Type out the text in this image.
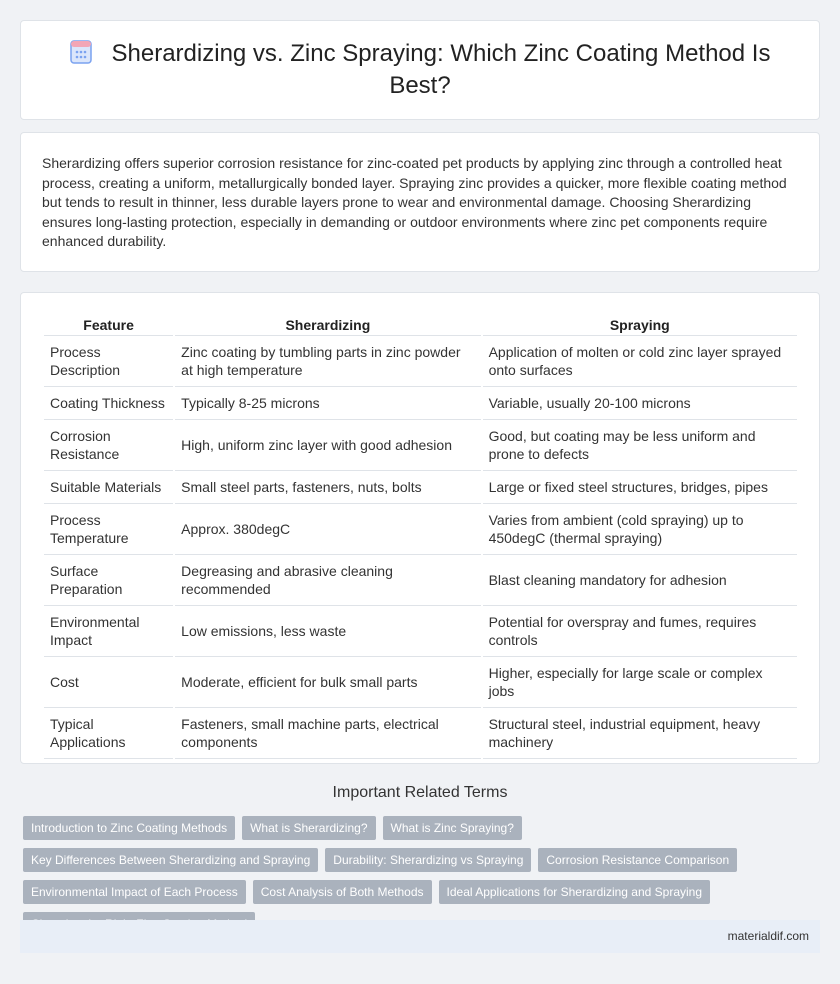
Sherardizing vs. Zinc Spraying: Which Zinc Coating Method Is Best?

Sherardizing offers superior corrosion resistance for zinc-coated pet products by applying zinc through a controlled heat process, creating a uniform, metallurgically bonded layer. Spraying zinc provides a quicker, more flexible coating method but tends to result in thinner, less durable layers prone to wear and environmental damage. Choosing Sherardizing ensures long-lasting protection, especially in demanding or outdoor environments where zinc pet components require enhanced durability.

Feature	Sherardizing	Spraying
Process Description	Zinc coating by tumbling parts in zinc powder at high temperature	Application of molten or cold zinc layer sprayed onto surfaces
Coating Thickness	Typically 8-25 microns	Variable, usually 20-100 microns
Corrosion Resistance	High, uniform zinc layer with good adhesion	Good, but coating may be less uniform and prone to defects
Suitable Materials	Small steel parts, fasteners, nuts, bolts	Large or fixed steel structures, bridges, pipes
Process Temperature	Approx. 380degC	Varies from ambient (cold spraying) up to 450degC (thermal spraying)
Surface Preparation	Degreasing and abrasive cleaning recommended	Blast cleaning mandatory for adhesion
Environmental Impact	Low emissions, less waste	Potential for overspray and fumes, requires controls
Cost	Moderate, efficient for bulk small parts	Higher, especially for large scale or complex jobs
Typical Applications	Fasteners, small machine parts, electrical components	Structural steel, industrial equipment, heavy machinery
Important Related Terms
Introduction to Zinc Coating Methods	What is Sherardizing?	What is Zinc Spraying?
Key Differences Between Sherardizing and Spraying	Durability: Sherardizing vs Spraying	Corrosion Resistance Comparison
Environmental Impact of Each Process	Cost Analysis of Both Methods	Ideal Applications for Sherardizing and Spraying
materialdif.com
